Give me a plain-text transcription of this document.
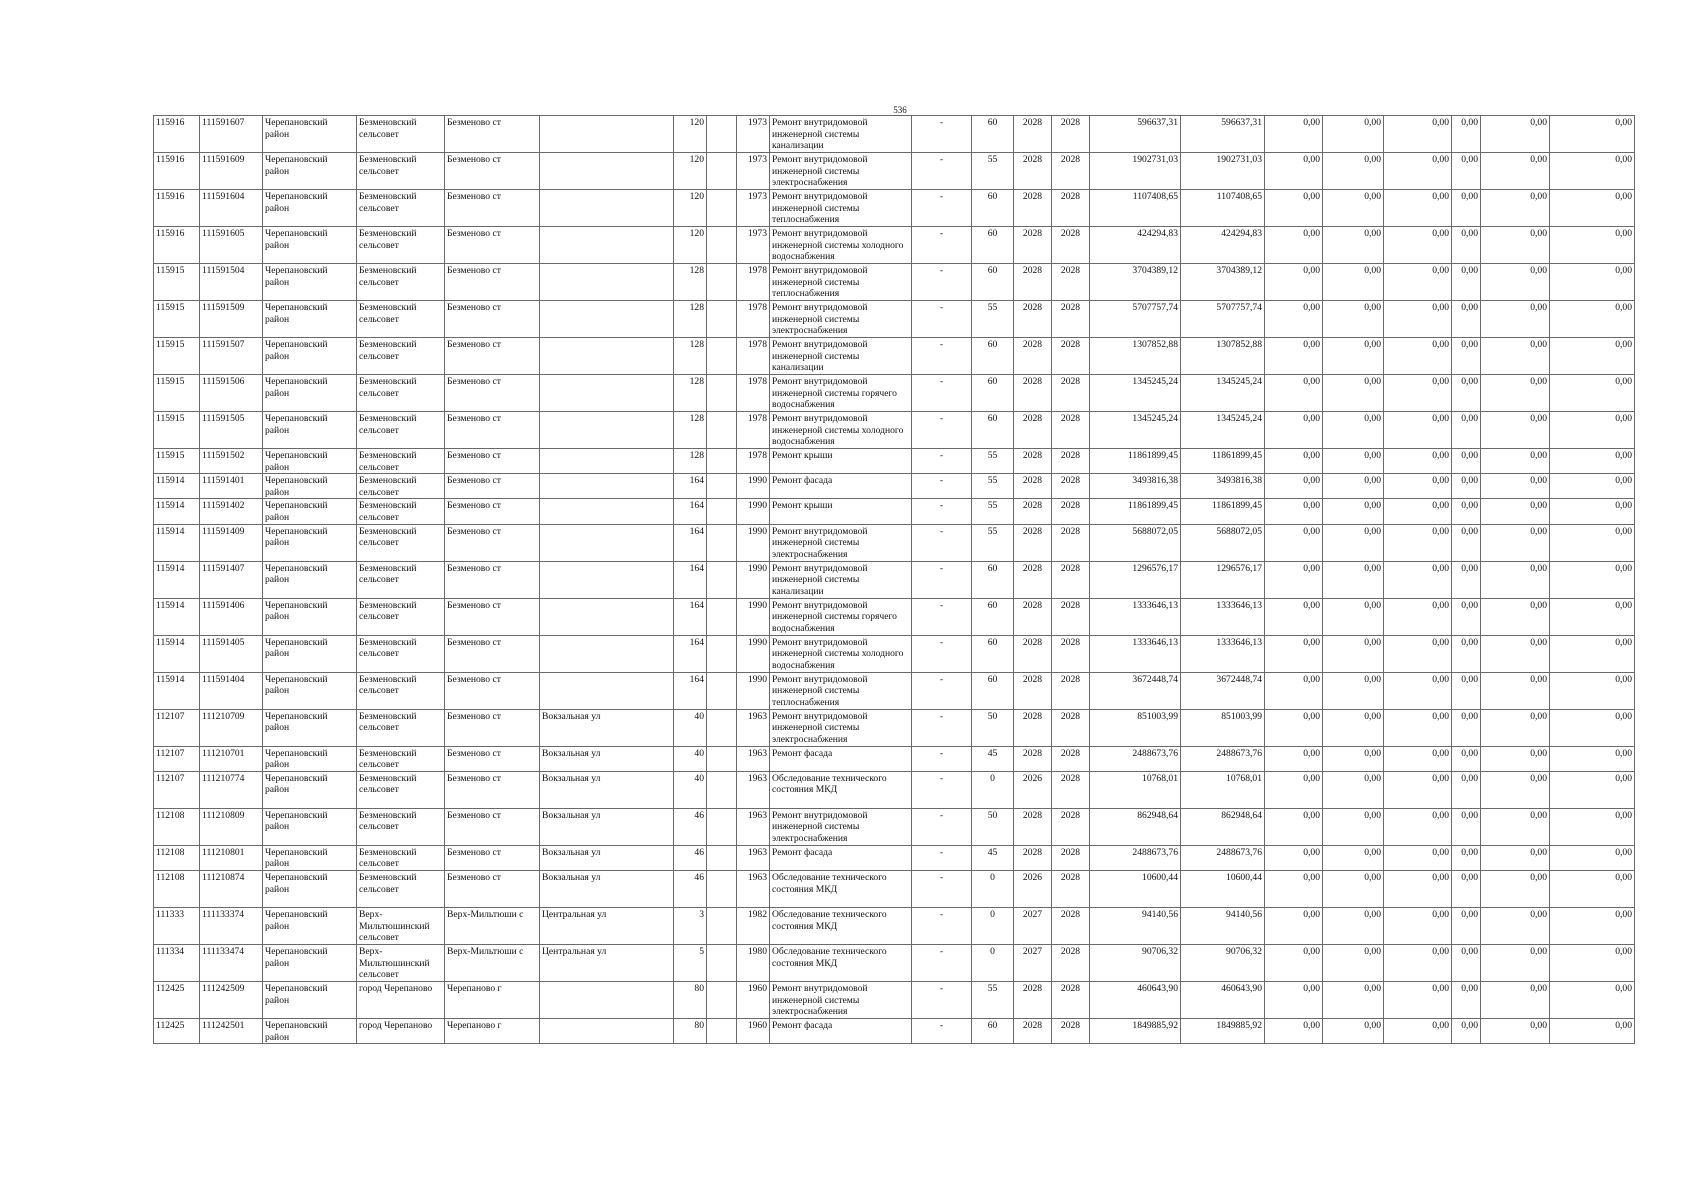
536
115916	111591607	Черепановский район	Безменовский сельсовет	Безменово ст		120		1973	Ремонт внутридомовой инженерной системы канализации	-	60	2028	2028	596637,31	596637,31	0,00	0,00	0,00	0,00	0,00	0,00

115916	111591609	Черепановский район	Безменовский сельсовет	Безменово ст		120		1973	Ремонт внутридомовой инженерной системы электроснабжения	-	55	2028	2028	1902731,03	1902731,03	0,00	0,00	0,00	0,00	0,00	0,00

115916	111591604	Черепановский район	Безменовский сельсовет	Безменово ст		120		1973	Ремонт внутридомовой инженерной системы теплоснабжения	-	60	2028	2028	1107408,65	1107408,65	0,00	0,00	0,00	0,00	0,00	0,00

115916	111591605	Черепановский район	Безменовский сельсовет	Безменово ст		120		1973	Ремонт внутридомовой инженерной системы холодного водоснабжения	-	60	2028	2028	424294,83	424294,83	0,00	0,00	0,00	0,00	0,00	0,00

115915	111591504	Черепановский район	Безменовский сельсовет	Безменово ст		128		1978	Ремонт внутридомовой инженерной системы теплоснабжения	-	60	2028	2028	3704389,12	3704389,12	0,00	0,00	0,00	0,00	0,00	0,00

115915	111591509	Черепановский район	Безменовский сельсовет	Безменово ст		128		1978	Ремонт внутридомовой инженерной системы электроснабжения	-	55	2028	2028	5707757,74	5707757,74	0,00	0,00	0,00	0,00	0,00	0,00

115915	111591507	Черепановский район	Безменовский сельсовет	Безменово ст		128		1978	Ремонт внутридомовой инженерной системы канализации	-	60	2028	2028	1307852,88	1307852,88	0,00	0,00	0,00	0,00	0,00	0,00

115915	111591506	Черепановский район	Безменовский сельсовет	Безменово ст		128		1978	Ремонт внутридомовой инженерной системы горячего водоснабжения	-	60	2028	2028	1345245,24	1345245,24	0,00	0,00	0,00	0,00	0,00	0,00

115915	111591505	Черепановский район	Безменовский сельсовет	Безменово ст		128		1978	Ремонт внутридомовой инженерной системы холодного водоснабжения	-	60	2028	2028	1345245,24	1345245,24	0,00	0,00	0,00	0,00	0,00	0,00

115915	111591502	Черепановский район	Безменовский сельсовет	Безменово ст		128		1978	Ремонт крыши	-	55	2028	2028	11861899,45	11861899,45	0,00	0,00	0,00	0,00	0,00	0,00

115914	111591401	Черепановский район	Безменовский сельсовет	Безменово ст		164		1990	Ремонт фасада	-	55	2028	2028	3493816,38	3493816,38	0,00	0,00	0,00	0,00	0,00	0,00

115914	111591402	Черепановский район	Безменовский сельсовет	Безменово ст		164		1990	Ремонт крыши	-	55	2028	2028	11861899,45	11861899,45	0,00	0,00	0,00	0,00	0,00	0,00

115914	111591409	Черепановский район	Безменовский сельсовет	Безменово ст		164		1990	Ремонт внутридомовой инженерной системы электроснабжения	-	55	2028	2028	5688072,05	5688072,05	0,00	0,00	0,00	0,00	0,00	0,00

115914	111591407	Черепановский район	Безменовский сельсовет	Безменово ст		164		1990	Ремонт внутридомовой инженерной системы канализации	-	60	2028	2028	1296576,17	1296576,17	0,00	0,00	0,00	0,00	0,00	0,00

115914	111591406	Черепановский район	Безменовский сельсовет	Безменово ст		164		1990	Ремонт внутридомовой инженерной системы горячего водоснабжения	-	60	2028	2028	1333646,13	1333646,13	0,00	0,00	0,00	0,00	0,00	0,00

115914	111591405	Черепановский район	Безменовский сельсовет	Безменово ст		164		1990	Ремонт внутридомовой инженерной системы холодного водоснабжения	-	60	2028	2028	1333646,13	1333646,13	0,00	0,00	0,00	0,00	0,00	0,00

115914	111591404	Черепановский район	Безменовский сельсовет	Безменово ст		164		1990	Ремонт внутридомовой инженерной системы теплоснабжения	-	60	2028	2028	3672448,74	3672448,74	0,00	0,00	0,00	0,00	0,00	0,00

112107	111210709	Черепановский район	Безменовский сельсовет	Безменово ст	Вокзальная ул	40		1963	Ремонт внутридомовой инженерной системы электроснабжения	-	50	2028	2028	851003,99	851003,99	0,00	0,00	0,00	0,00	0,00	0,00

112107	111210701	Черепановский район	Безменовский сельсовет	Безменово ст	Вокзальная ул	40		1963	Ремонт фасада	-	45	2028	2028	2488673,76	2488673,76	0,00	0,00	0,00	0,00	0,00	0,00

112107	111210774	Черепановский район	Безменовский сельсовет	Безменово ст	Вокзальная ул	40		1963	Обследование технического состояния МКД	-	0	2026	2028	10768,01	10768,01	0,00	0,00	0,00	0,00	0,00	0,00

112108	111210809	Черепановский район	Безменовский сельсовет	Безменово ст	Вокзальная ул	46		1963	Ремонт внутридомовой инженерной системы электроснабжения	-	50	2028	2028	862948,64	862948,64	0,00	0,00	0,00	0,00	0,00	0,00

112108	111210801	Черепановский район	Безменовский сельсовет	Безменово ст	Вокзальная ул	46		1963	Ремонт фасада	-	45	2028	2028	2488673,76	2488673,76	0,00	0,00	0,00	0,00	0,00	0,00

112108	111210874	Черепановский район	Безменовский сельсовет	Безменово ст	Вокзальная ул	46		1963	Обследование технического состояния МКД	-	0	2026	2028	10600,44	10600,44	0,00	0,00	0,00	0,00	0,00	0,00

111333	111133374	Черепановский район	Верх-Мильтюшинский сельсовет	Верх-Мильтюши с	Центральная ул	3		1982	Обследование технического состояния МКД	-	0	2027	2028	94140,56	94140,56	0,00	0,00	0,00	0,00	0,00	0,00

111334	111133474	Черепановский район	Верх-Мильтюшинский сельсовет	Верх-Мильтюши с	Центральная ул	5		1980	Обследование технического состояния МКД	-	0	2027	2028	90706,32	90706,32	0,00	0,00	0,00	0,00	0,00	0,00

112425	111242509	Черепановский район	город Черепаново	Черепаново г		80		1960	Ремонт внутридомовой инженерной системы электроснабжения	-	55	2028	2028	460643,90	460643,90	0,00	0,00	0,00	0,00	0,00	0,00

112425	111242501	Черепановский район	город Черепаново	Черепаново г		80		1960	Ремонт фасада	-	60	2028	2028	1849885,92	1849885,92	0,00	0,00	0,00	0,00	0,00	0,00
